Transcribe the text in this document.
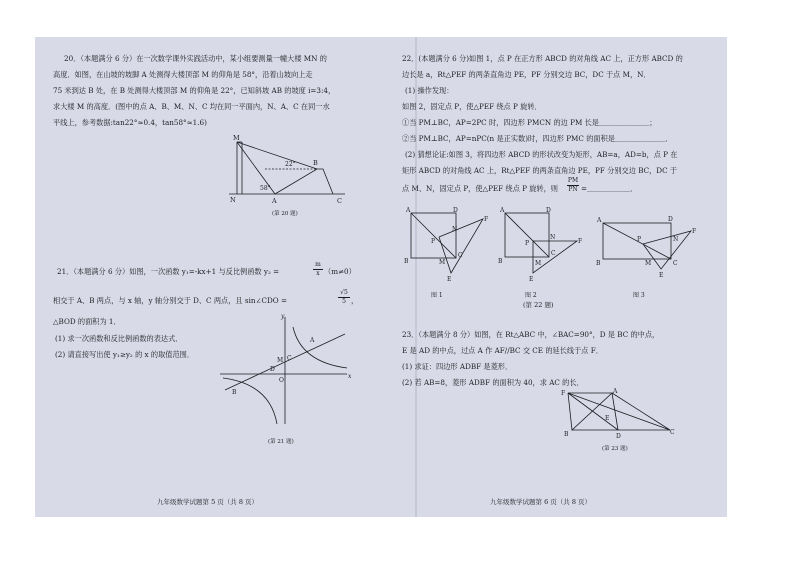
20．（本题满分 6 分）在一次数学课外实践活动中，某小组要测量一幢大楼 MN 的
高度．如图，在山坡的坡脚 A 处测得大楼顶部 M 的仰角是 58°，沿着山坡向上走
75 米到达 B 处，在 B 处测得大楼顶部 M 的仰角是 22°，已知斜坡 AB 的坡度 i=3:4，
求大楼 M 的高度．(图中的点 A、B、M、N、C 均在同一平面内，N、A、C 在同一水
平线上，参考数据:tan22°≈0.4，tan58°≈1.6)
M
N	A
B
C
22°
58°
(第 20 题)
21．（本题满分 6 分）如图，一次函数 y₁=-kx+1 与反比例函数 y₂ =	$\frac{m}{x} (m\ne 0)$
相交于 A、B 两点，与 x 轴，y 轴分别交于 D、C 两点，且 sin∠CDO =	$\frac{√5}{5}$ ，
△BOD 的面积为 1．
(1) 求一次函数和反比例函数的表达式．
(2) 请直接写出使 y₁≥y₂ 的 x 的取值范围．
y
x
A
B
C
D
M
O
(第 21 题)
九年级数学试题第 5 页（共 8 页）
22．(本题满分 6 分)如图 1，点 P 在正方形 ABCD 的对角线 AC 上，正方形 ABCD 的
边长是 a，Rt△PEF 的两条直角边 PE，PF 分别交边 BC，DC 于点 M，N．
(1) 操作发现：
如图 2，固定点 P，使△PEF 绕点 P 旋转．
①当 PM⊥BC，AP=2PC 时，四边形 PMCN 的边 PM 长是＿＿＿＿＿＿＿；
②当 PM⊥BC，AP=nPC(n 是正实数)时，四边形 PMC 的面积是＿＿＿＿＿＿＿．
(2) 猜想论证:如图 3，将四边形 ABCD 的形状改变为矩形，AB=a，AD=b，点 P 在
矩形 ABCD 的对角线 AC 上，Rt△PEF 的两条直角边 PE，PF 分别交边 BC，DC 于
点 M、N，固定点 P，使△PEF 绕点 P 旋转，则 $\frac{PM}{PN}$ =＿＿＿＿＿＿．
A	D
B
C
P
N
M
E
F
图 1
A	D
B
C
P
N
M
E
F
图 2
A	D
B	C
P	N
M
E
F
图 3
(第 22 题)
23．（本题满分 8 分）如图，在 Rt△ABC 中，∠BAC=90°，D 是 BC 的中点，
E 是 AD 的中点，过点 A 作 AF//BC 交 CE 的延长线于点 F．
(1) 求证：四边形 ADBF 是菱形．
(2) 若 AB=8，菱形 ADBF 的面积为 40，求 AC 的长．
F	A
B	C
D
E
(第 23 题)
九年级数学试题第 6 页（共 8 页）
